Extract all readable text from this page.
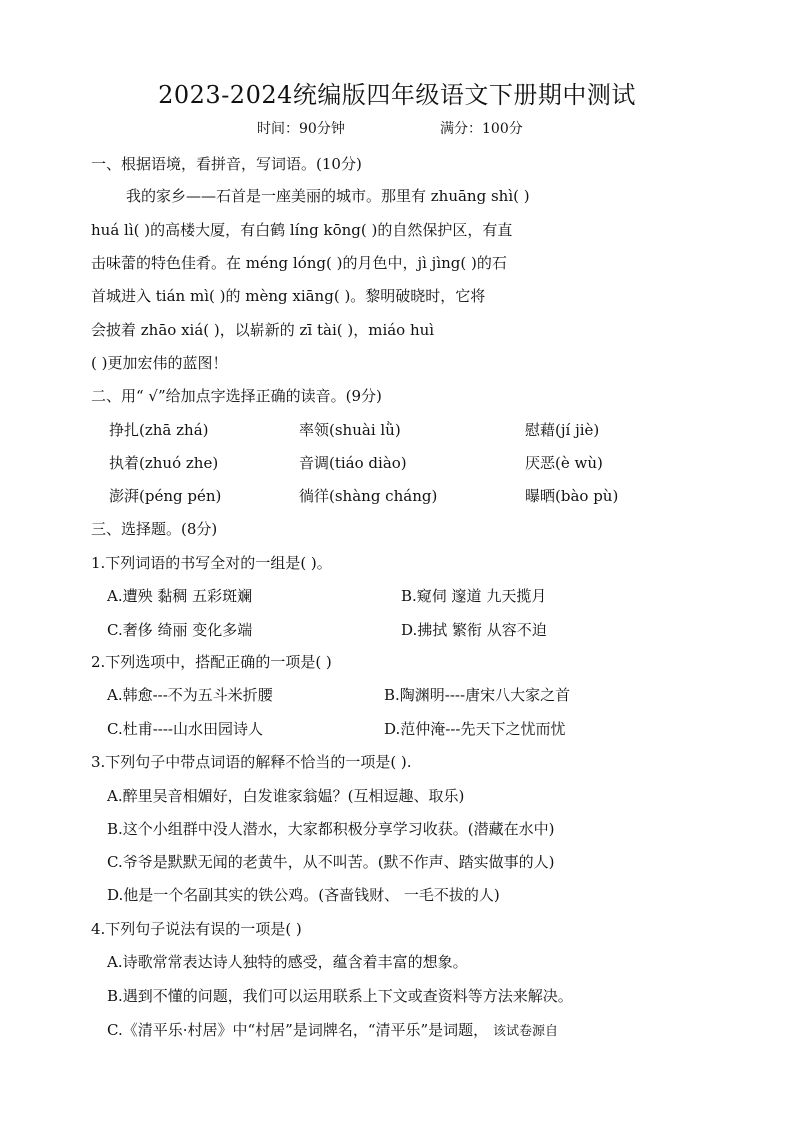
2023-2024统编版四年级语文下册期中测试
时间：90分钟	满分：100分
一、根据语境，看拼音，写词语。(10分)
我的家乡——石首是一座美丽的城市。那里有 zhuāng shì( )
huá lì( )的高楼大厦，有白鹤 líng kōng( )的自然保护区，有直
击味蕾的特色佳肴。在 méng lóng( )的月色中，jì jìng( )的石
首城进入 tián mì( )的 mèng xiāng( )。黎明破晓时，它将
会披着 zhāo xiá( )，以崭新的 zī tài( )，miáo huì
( )更加宏伟的蓝图！
二、用“ √”给加点字选择正确的读音。(9分)
挣扎(zhā zhá)	率领(shuài lǜ)	慰藉(jí jiè)
执着(zhuó zhe)	音调(tiáo diào)	厌恶(è wù)
澎湃(péng pén)	徜徉(shàng cháng)	曝晒(bào pù)
三、选择题。(8分)
1.下列词语的书写全对的一组是( )。
A.遭殃 黏稠 五彩斑斓	B.窥伺 邃道 九天揽月
C.奢侈 绮丽 变化多端	D.拂拭 繁衔 从容不迫
2.下列选项中，搭配正确的一项是( )
A.韩愈---不为五斗米折腰	B.陶渊明----唐宋八大家之首
C.杜甫----山水田园诗人	D.范仲淹---先天下之忧而忧
3.下列句子中带点词语的解释不恰当的一项是( ).
A.醉里吴音相媚好，白发谁家翁媪？(互相逗趣、取乐)
B.这个小组群中没人潜水，大家都积极分享学习收获。(潜藏在水中)
C.爷爷是默默无闻的老黄牛，从不叫苦。(默不作声、踏实做事的人)
D.他是一个名副其实的铁公鸡。(吝啬钱财、 一毛不拔的人)
4.下列句子说法有误的一项是( )
A.诗歌常常表达诗人独特的感受，蕴含着丰富的想象。
B.遇到不懂的问题，我们可以运用联系上下文或查资料等方法来解决。
C.《清平乐·村居》中“村居”是词牌名，“清平乐”是词题， 该试卷源自
